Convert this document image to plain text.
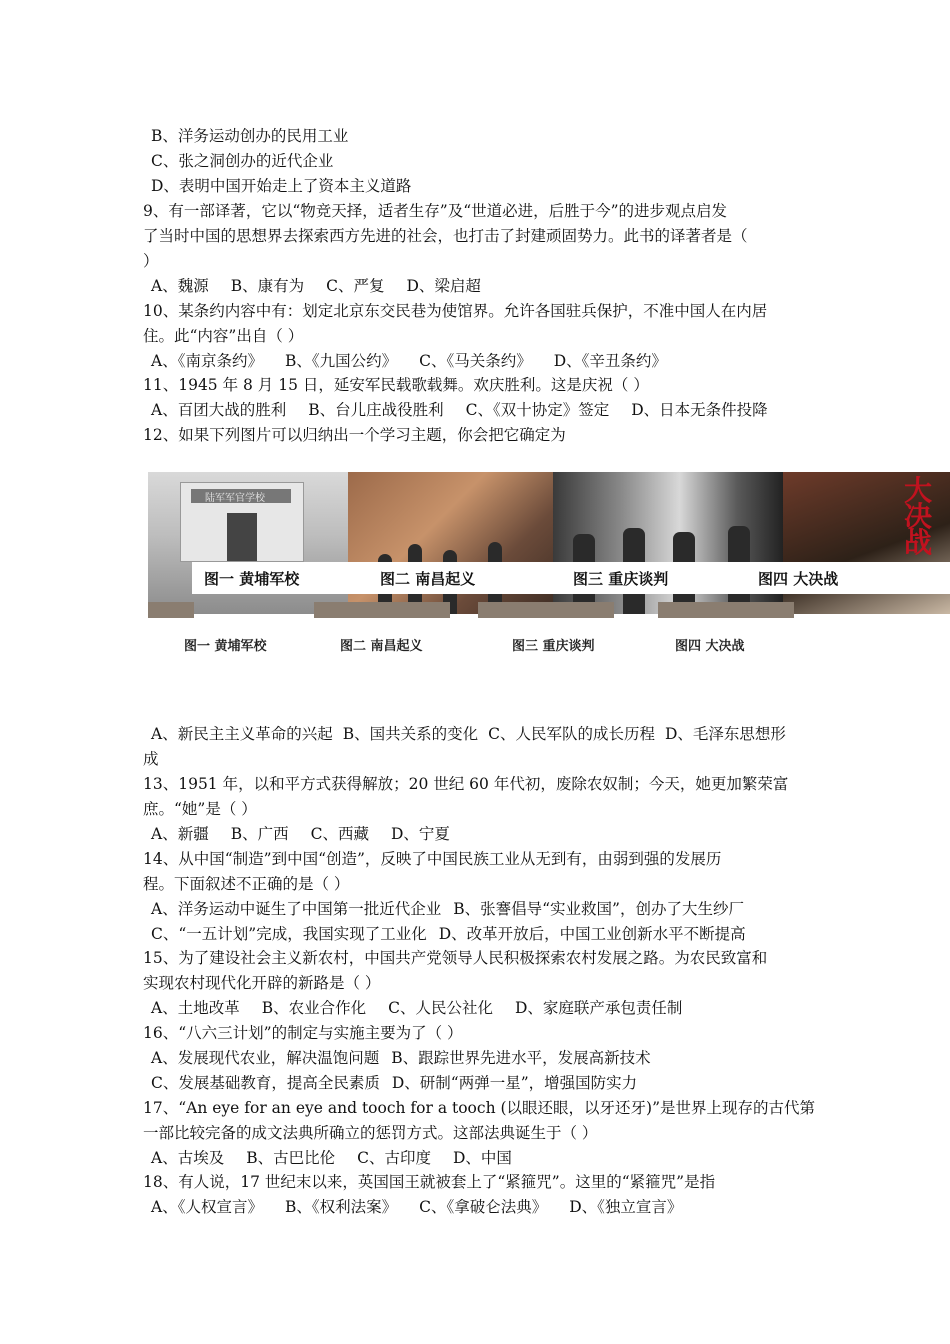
B、洋务运动创办的民用工业
C、张之洞创办的近代企业
D、表明中国开始走上了资本主义道路
9、有一部译著，它以“物竞天择，适者生存”及“世道必进，后胜于今”的进步观点启发
了当时中国的思想界去探索西方先进的社会，也打击了封建顽固势力。此书的译著者是（
）
A、魏源 B、康有为 C、严复 D、梁启超
10、某条约内容中有：划定北京东交民巷为使馆界。允许各国驻兵保护，不准中国人在内居
住。此“内容”出自（ ）
A、《南京条约》 B、《九国公约》 C、《马关条约》 D、《辛丑条约》
11、1945 年 8 月 15 日，延安军民载歌载舞。欢庆胜利。这是庆祝（ ）
A、百团大战的胜利 B、台儿庄战役胜利 C、《双十协定》签定 D、日本无条件投降
12、如果下列图片可以归纳出一个学习主题，你会把它确定为
陆军军官学校	大决战
图一 黄埔军校	图二 南昌起义	图三 重庆谈判	图四 大决战
图一 黄埔军校	图二 南昌起义	图三 重庆谈判	图四 大决战
A、新民主主义革命的兴起 B、国共关系的变化 C、人民军队的成长历程 D、毛泽东思想形
成
13、1951 年，以和平方式获得解放；20 世纪 60 年代初，废除农奴制；今天，她更加繁荣富
庶。“她”是（ ）
A、新疆 B、广西 C、西藏 D、宁夏
14、从中国“制造”到中国“创造”，反映了中国民族工业从无到有，由弱到强的发展历
程。下面叙述不正确的是（ ）
A、洋务运动中诞生了中国第一批近代企业 B、张謇倡导“实业救国”，创办了大生纱厂
C、“一五计划”完成，我国实现了工业化 D、改革开放后，中国工业创新水平不断提高
15、为了建设社会主义新农村，中国共产党领导人民积极探索农村发展之路。为农民致富和
实现农村现代化开辟的新路是（ ）
A、土地改革 B、农业合作化 C、人民公社化 D、家庭联产承包责任制
16、“八六三计划”的制定与实施主要为了（ ）
A、发展现代农业，解决温饱问题 B、跟踪世界先进水平，发展高新技术
C、发展基础教育，提高全民素质 D、研制“两弹一星”，增强国防实力
17、“An eye for an eye and tooch for a tooch (以眼还眼，以牙还牙)”是世界上现存的古代第
一部比较完备的成文法典所确立的惩罚方式。这部法典诞生于（ ）
A、古埃及 B、古巴比伦 C、古印度 D、中国
18、有人说，17 世纪末以来，英国国王就被套上了“紧箍咒”。这里的“紧箍咒”是指
A、《人权宣言》 B、《权利法案》 C、《拿破仑法典》 D、《独立宣言》
